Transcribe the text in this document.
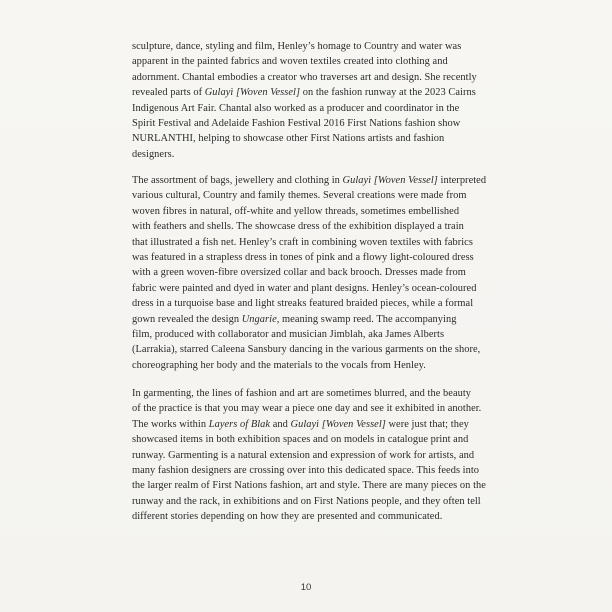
sculpture, dance, styling and film, Henley’s homage to Country and water was
apparent in the painted fabrics and woven textiles created into clothing and
adornment. Chantal embodies a creator who traverses art and design. She recently
revealed parts of Gulayì [Woven Vessel] on the fashion runway at the 2023 Cairns
Indigenous Art Fair. Chantal also worked as a producer and coordinator in the
Spirit Festival and Adelaide Fashion Festival 2016 First Nations fashion show
NURLANTHI, helping to showcase other First Nations artists and fashion
designers.

The assortment of bags, jewellery and clothing in Gulayì [Woven Vessel] interpreted
various cultural, Country and family themes. Several creations were made from
woven fibres in natural, off-white and yellow threads, sometimes embellished
with feathers and shells. The showcase dress of the exhibition displayed a train
that illustrated a fish net. Henley’s craft in combining woven textiles with fabrics
was featured in a strapless dress in tones of pink and a flowy light-coloured dress
with a green woven-fibre oversized collar and back brooch. Dresses made from
fabric were painted and dyed in water and plant designs. Henley’s ocean-coloured
dress in a turquoise base and light streaks featured braided pieces, while a formal
gown revealed the design Ungarie, meaning swamp reed. The accompanying
film, produced with collaborator and musician Jimblah, aka James Alberts
(Larrakia), starred Caleena Sansbury dancing in the various garments on the shore,
choreographing her body and the materials to the vocals from Henley.

In garmenting, the lines of fashion and art are sometimes blurred, and the beauty
of the practice is that you may wear a piece one day and see it exhibited in another.
The works within Layers of Blak and Gulayì [Woven Vessel] were just that; they
showcased items in both exhibition spaces and on models in catalogue print and
runway. Garmenting is a natural extension and expression of work for artists, and
many fashion designers are crossing over into this dedicated space. This feeds into
the larger realm of First Nations fashion, art and style. There are many pieces on the
runway and the rack, in exhibitions and on First Nations people, and they often tell
different stories depending on how they are presented and communicated.

10
